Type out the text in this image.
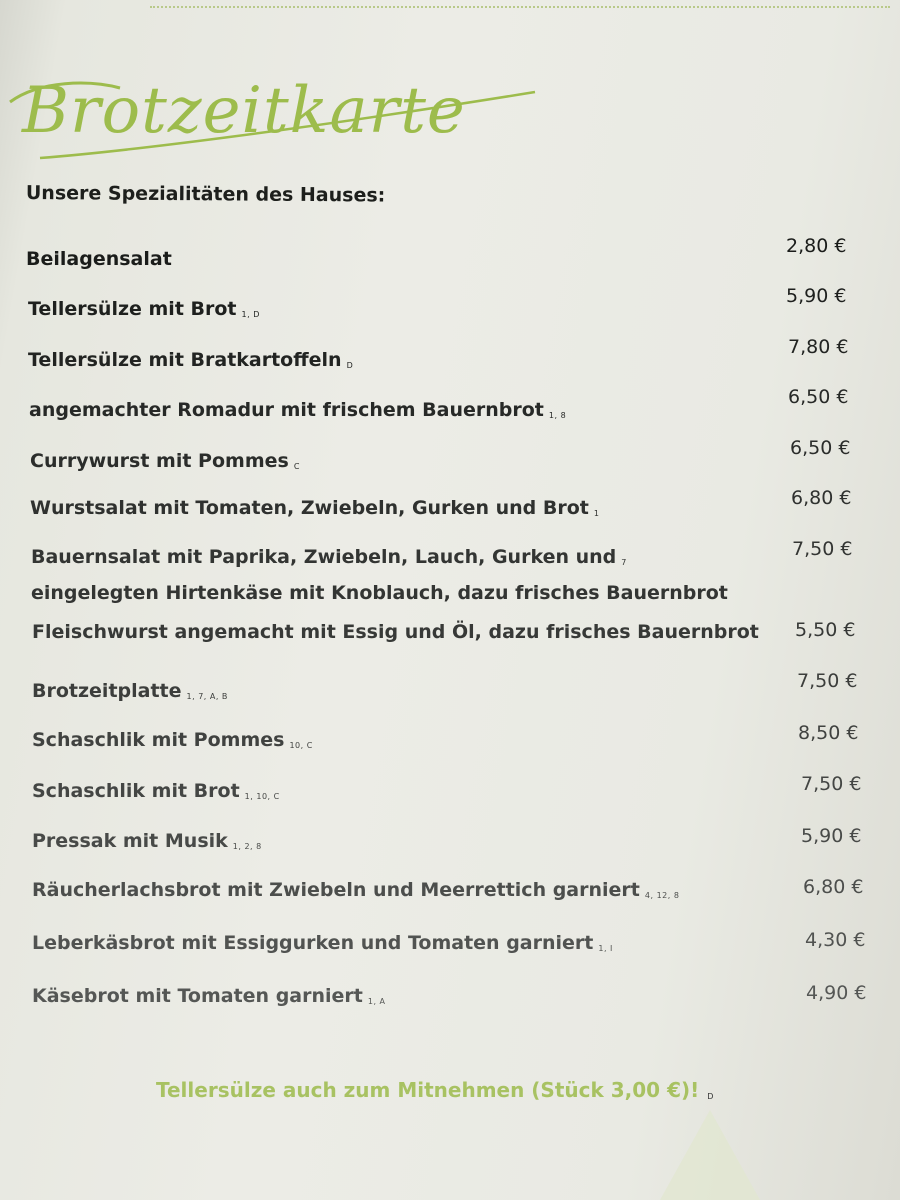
Brotzeitkarte
Unsere Spezialitäten des Hauses:
Beilagensalat
2,80 €
Tellersülze mit Brot 1, D
5,90 €
Tellersülze mit Bratkartoffeln D
7,80 €
angemachter Romadur mit frischem Bauernbrot 1, 8
6,50 €
Currywurst mit Pommes C
6,50 €
Wurstsalat mit Tomaten, Zwiebeln, Gurken und Brot 1
6,80 €
Bauernsalat mit Paprika, Zwiebeln, Lauch, Gurken und 7
eingelegten Hirtenkäse mit Knoblauch, dazu frisches Bauernbrot
7,50 €
Fleischwurst angemacht mit Essig und Öl, dazu frisches Bauernbrot 5,50 €
Brotzeitplatte 1, 7, A, B
7,50 €
Schaschlik mit Pommes 10, C
8,50 €
Schaschlik mit Brot 1, 10, C
7,50 €
Pressak mit Musik 1, 2, 8	5,90 €
Räucherlachsbrot mit Zwiebeln und Meerrettich garniert 4, 12, 8	6,80 €
Leberkäsbrot mit Essiggurken und Tomaten garniert 1, I	4,30 €
Käsebrot mit Tomaten garniert 1, A	4,90 €
Tellersülze auch zum Mitnehmen (Stück 3,00 €)! D
